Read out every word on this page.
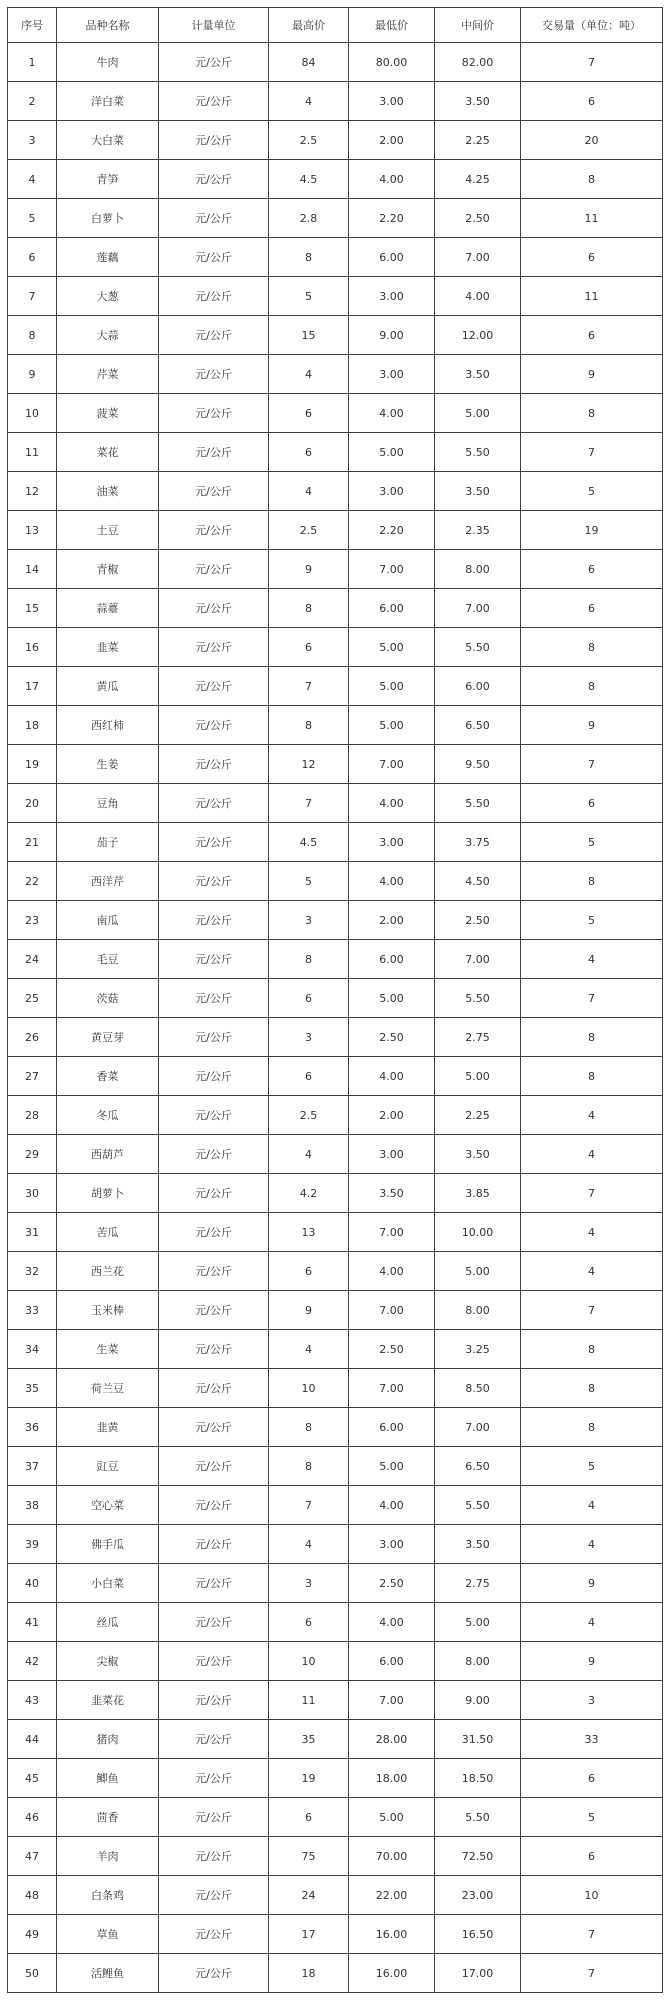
序号	品种名称	计量单位	最高价	最低价	中间价	交易量（单位：吨）
1	牛肉	元/公斤	84	80.00	82.00	7
2	洋白菜	元/公斤	4	3.00	3.50	6
3	大白菜	元/公斤	2.5	2.00	2.25	20
4	青笋	元/公斤	4.5	4.00	4.25	8
5	白萝卜	元/公斤	2.8	2.20	2.50	11
6	莲藕	元/公斤	8	6.00	7.00	6
7	大葱	元/公斤	5	3.00	4.00	11
8	大蒜	元/公斤	15	9.00	12.00	6
9	芹菜	元/公斤	4	3.00	3.50	9
10	菠菜	元/公斤	6	4.00	5.00	8
11	菜花	元/公斤	6	5.00	5.50	7
12	油菜	元/公斤	4	3.00	3.50	5
13	土豆	元/公斤	2.5	2.20	2.35	19
14	青椒	元/公斤	9	7.00	8.00	6
15	蒜薹	元/公斤	8	6.00	7.00	6
16	韭菜	元/公斤	6	5.00	5.50	8
17	黄瓜	元/公斤	7	5.00	6.00	8
18	西红柿	元/公斤	8	5.00	6.50	9
19	生姜	元/公斤	12	7.00	9.50	7
20	豆角	元/公斤	7	4.00	5.50	6
21	茄子	元/公斤	4.5	3.00	3.75	5
22	西洋芹	元/公斤	5	4.00	4.50	8
23	南瓜	元/公斤	3	2.00	2.50	5
24	毛豆	元/公斤	8	6.00	7.00	4
25	茨菇	元/公斤	6	5.00	5.50	7
26	黄豆芽	元/公斤	3	2.50	2.75	8
27	香菜	元/公斤	6	4.00	5.00	8
28	冬瓜	元/公斤	2.5	2.00	2.25	4
29	西葫芦	元/公斤	4	3.00	3.50	4
30	胡萝卜	元/公斤	4.2	3.50	3.85	7
31	苦瓜	元/公斤	13	7.00	10.00	4
32	西兰花	元/公斤	6	4.00	5.00	4
33	玉米棒	元/公斤	9	7.00	8.00	7
34	生菜	元/公斤	4	2.50	3.25	8
35	荷兰豆	元/公斤	10	7.00	8.50	8
36	韭黄	元/公斤	8	6.00	7.00	8
37	豇豆	元/公斤	8	5.00	6.50	5
38	空心菜	元/公斤	7	4.00	5.50	4
39	佛手瓜	元/公斤	4	3.00	3.50	4
40	小白菜	元/公斤	3	2.50	2.75	9
41	丝瓜	元/公斤	6	4.00	5.00	4
42	尖椒	元/公斤	10	6.00	8.00	9
43	韭菜花	元/公斤	11	7.00	9.00	3
44	猪肉	元/公斤	35	28.00	31.50	33
45	鲫鱼	元/公斤	19	18.00	18.50	6
46	茴香	元/公斤	6	5.00	5.50	5
47	羊肉	元/公斤	75	70.00	72.50	6
48	白条鸡	元/公斤	24	22.00	23.00	10
49	草鱼	元/公斤	17	16.00	16.50	7
50	活鲤鱼	元/公斤	18	16.00	17.00	7
